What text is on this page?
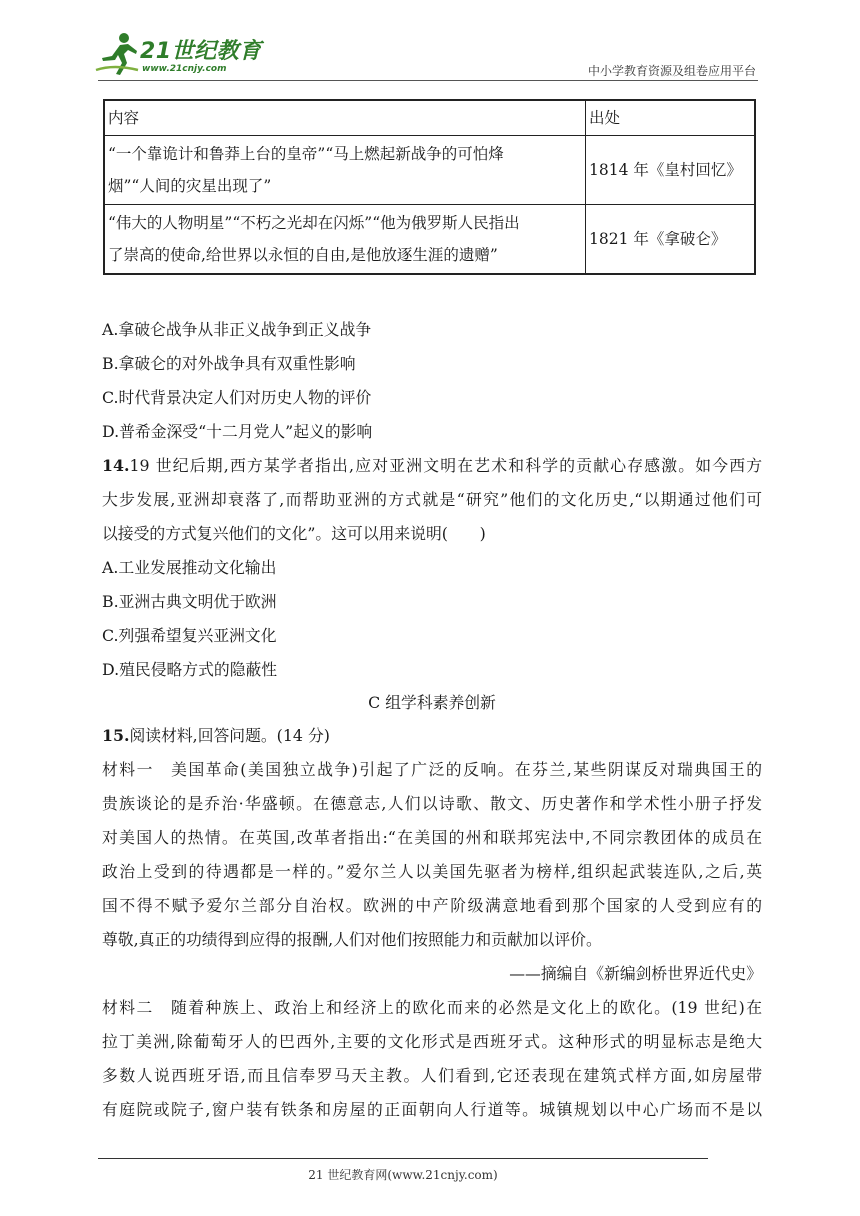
21世纪教育
www.21cnjy.com	中小学教育资源及组卷应用平台
内容	出处

“一个靠诡计和鲁莽上台的皇帝”“马上燃起新战争的可怕烽
烟”“人间的灾星出现了”	1814 年《皇村回忆》

“伟大的人物明星”“不朽之光却在闪烁”“他为俄罗斯人民指出
了崇高的使命,给世界以永恒的自由,是他放逐生涯的遗赠”	1821 年《拿破仑》
A.拿破仑战争从非正义战争到正义战争
B.拿破仑的对外战争具有双重性影响
C.时代背景决定人们对历史人物的评价
D.普希金深受“十二月党人”起义的影响
14.19 世纪后期,西方某学者指出,应对亚洲文明在艺术和科学的贡献心存感激。如今西方
大步发展,亚洲却衰落了,而帮助亚洲的方式就是“研究”他们的文化历史,“以期通过他们可
以接受的方式复兴他们的文化”。这可以用来说明(　　)
A.工业发展推动文化输出
B.亚洲古典文明优于欧洲
C.列强希望复兴亚洲文化
D.殖民侵略方式的隐蔽性
C 组学科素养创新
15.阅读材料,回答问题。(14 分)
材料一　美国革命(美国独立战争)引起了广泛的反响。在芬兰,某些阴谋反对瑞典国王的
贵族谈论的是乔治·华盛顿。在德意志,人们以诗歌、散文、历史著作和学术性小册子抒发
对美国人的热情。在英国,改革者指出:“在美国的州和联邦宪法中,不同宗教团体的成员在
政治上受到的待遇都是一样的。”爱尔兰人以美国先驱者为榜样,组织起武装连队,之后,英
国不得不赋予爱尔兰部分自治权。欧洲的中产阶级满意地看到那个国家的人受到应有的
尊敬,真正的功绩得到应得的报酬,人们对他们按照能力和贡献加以评价。
——摘编自《新编剑桥世界近代史》
材料二　随着种族上、政治上和经济上的欧化而来的必然是文化上的欧化。(19 世纪)在
拉丁美洲,除葡萄牙人的巴西外,主要的文化形式是西班牙式。这种形式的明显标志是绝大
多数人说西班牙语,而且信奉罗马天主教。人们看到,它还表现在建筑式样方面,如房屋带
有庭院或院子,窗户装有铁条和房屋的正面朝向人行道等。城镇规划以中心广场而不是以
21 世纪教育网(www.21cnjy.com)
